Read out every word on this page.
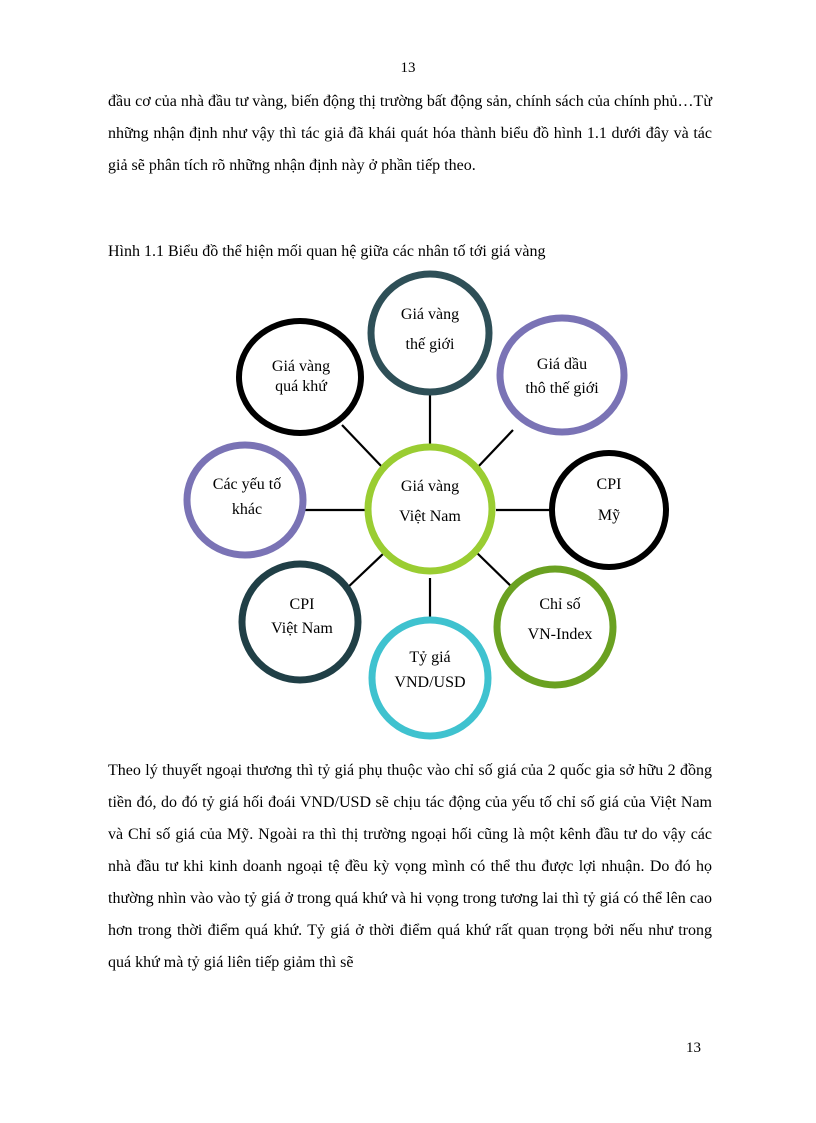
13

đầu cơ của nhà đầu tư vàng, biến động thị trường bất động sản, chính sách của chính phủ…Từ những nhận định như vậy thì tác giả đã khái quát hóa thành biểu đồ hình 1.1 dưới đây và tác giả sẽ phân tích rõ những nhận định này ở phần tiếp theo.

Hình 1.1 Biểu đồ thể hiện mối quan hệ giữa các nhân tố tới giá vàng

Giá vàng
thế giới
Giá dầu
thô thế giới
CPI
Mỹ
Chỉ số
VN-Index
Tỷ giá
VND/USD
CPI
Việt Nam
Các yếu tố
khác
Giá vàng
quá khứ
Giá vàng
Việt Nam

Theo lý thuyết ngoại thương thì tỷ giá phụ thuộc vào chỉ số giá của 2 quốc gia sở hữu 2 đồng tiền đó, do đó tỷ giá hối đoái VND/USD sẽ chịu tác động của yếu tố chỉ số giá của Việt Nam và Chỉ số giá của Mỹ. Ngoài ra thì thị trường ngoại hối cũng là một kênh đầu tư do vậy các nhà đầu tư khi kinh doanh ngoại tệ đều kỳ vọng mình có thể thu được lợi nhuận. Do đó họ thường nhìn vào vào tỷ giá ở trong quá khứ và hi vọng trong tương lai thì tỷ giá có thể lên cao hơn trong thời điểm quá khứ. Tỷ giá ở thời điểm quá khứ rất quan trọng bởi nếu như trong quá khứ mà tỷ giá liên tiếp giảm thì sẽ

13
